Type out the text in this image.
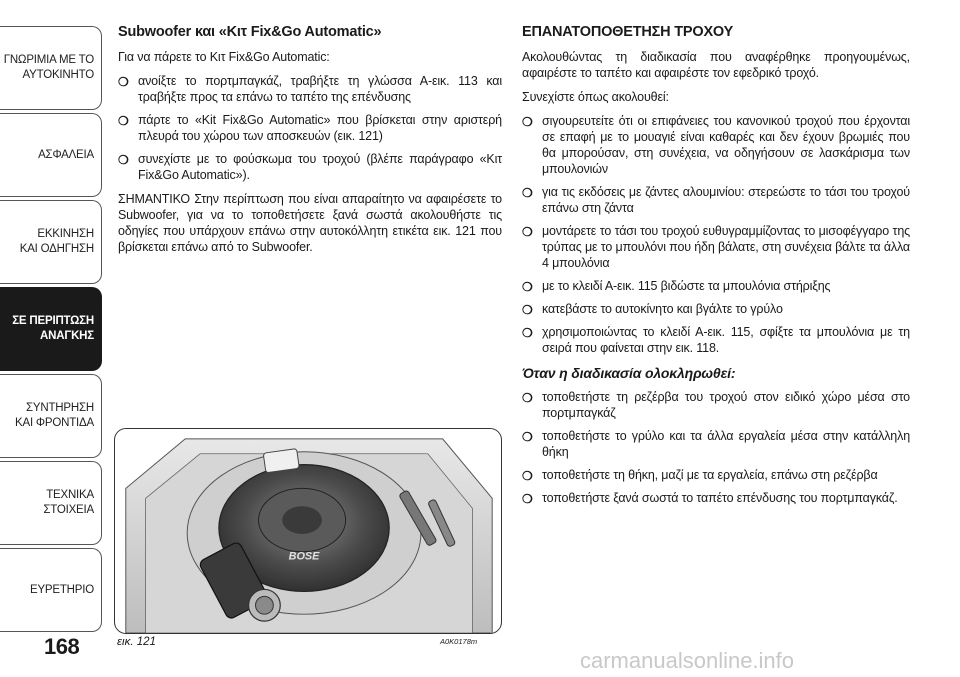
ΓΝΩΡΙΜΙΑ ΜΕ ΤΟ
ΑΥΤΟΚΙΝΗΤΟ
ΑΣΦΑΛΕΙΑ
ΕΚΚΙΝΗΣΗ
ΚΑΙ ΟΔΗΓΗΣΗ
ΣΕ ΠΕΡΙΠΤΩΣΗ
ΑΝΑΓΚΗΣ
ΣΥΝΤΗΡΗΣΗ
ΚΑΙ ΦΡΟΝΤΙΔΑ
ΤΕΧΝΙΚΑ
ΣΤΟΙΧΕΙΑ
ΕΥΡΕΤΗΡΙΟ
168
Subwoofer και «Κιτ Fix&Go Automatic»

Για να πάρετε το Κιτ Fix&Go Automatic:

❍ ανοίξτε το πορτμπαγκάζ, τραβήξτε τη γλώσσα Α-εικ. 113 και τραβήξτε προς τα επάνω το ταπέτο της επένδυσης
❍ πάρτε το «Kit Fix&Go Automatic» που βρίσκεται στην αριστερή πλευρά του χώρου των αποσκευών (εικ. 121)
❍ συνεχίστε με το φούσκωμα του τροχού (βλέπε παράγραφο «Κιτ Fix&Go Automatic»).

ΣΗΜΑΝΤΙΚΟ Στην περίπτωση που είναι απαραίτητο να αφαιρέσετε το Subwoofer, για να το τοποθετήσετε ξανά σωστά ακολουθήστε τις οδηγίες που υπάρχουν επάνω στην αυτοκόλλητη ετικέτα εικ. 121 που βρίσκεται επάνω από το Subwoofer.

BOSE
εικ. 121	A0K0178m
ΕΠΑΝΑΤΟΠΟΘΕΤΗΣΗ ΤΡΟΧΟΥ

Ακολουθώντας τη διαδικασία που αναφέρθηκε προηγουμένως, αφαιρέστε το ταπέτο και αφαιρέστε τον εφεδρικό τροχό.

Συνεχίστε όπως ακολουθεί:

❍ σιγουρευτείτε ότι οι επιφάνειες του κανονικού τροχού που έρχονται σε επαφή με το μουαγιέ είναι καθαρές και δεν έχουν βρωμιές που θα μπορούσαν, στη συνέχεια, να οδηγήσουν σε λασκάρισμα των μπουλονιών
❍ για τις εκδόσεις με ζάντες αλουμινίου: στερεώστε το τάσι του τροχού επάνω στη ζάντα
❍ μοντάρετε το τάσι του τροχού ευθυγραμμίζοντας το μισοφέγγαρο της τρύπας με το μπουλόνι που ήδη βάλατε, στη συνέχεια βάλτε τα άλλα 4 μπουλόνια
❍ με το κλειδί Α-εικ. 115 βιδώστε τα μπουλόνια στήριξης
❍ κατεβάστε το αυτοκίνητο και βγάλτε το γρύλο
❍ χρησιμοποιώντας το κλειδί Α-εικ. 115, σφίξτε τα μπουλόνια με τη σειρά που φαίνεται στην εικ. 118.
Όταν η διαδικασία ολοκληρωθεί:
❍ τοποθετήστε τη ρεζέρβα του τροχού στον ειδικό χώρο μέσα στο πορτμπαγκάζ
❍ τοποθετήστε το γρύλο και τα άλλα εργαλεία μέσα στην κατάλληλη θήκη
❍ τοποθετήστε τη θήκη, μαζί με τα εργαλεία, επάνω στη ρεζέρβα
❍ τοποθετήστε ξανά σωστά το ταπέτο επένδυσης του πορτμπαγκάζ.
carmanualsonline.info
